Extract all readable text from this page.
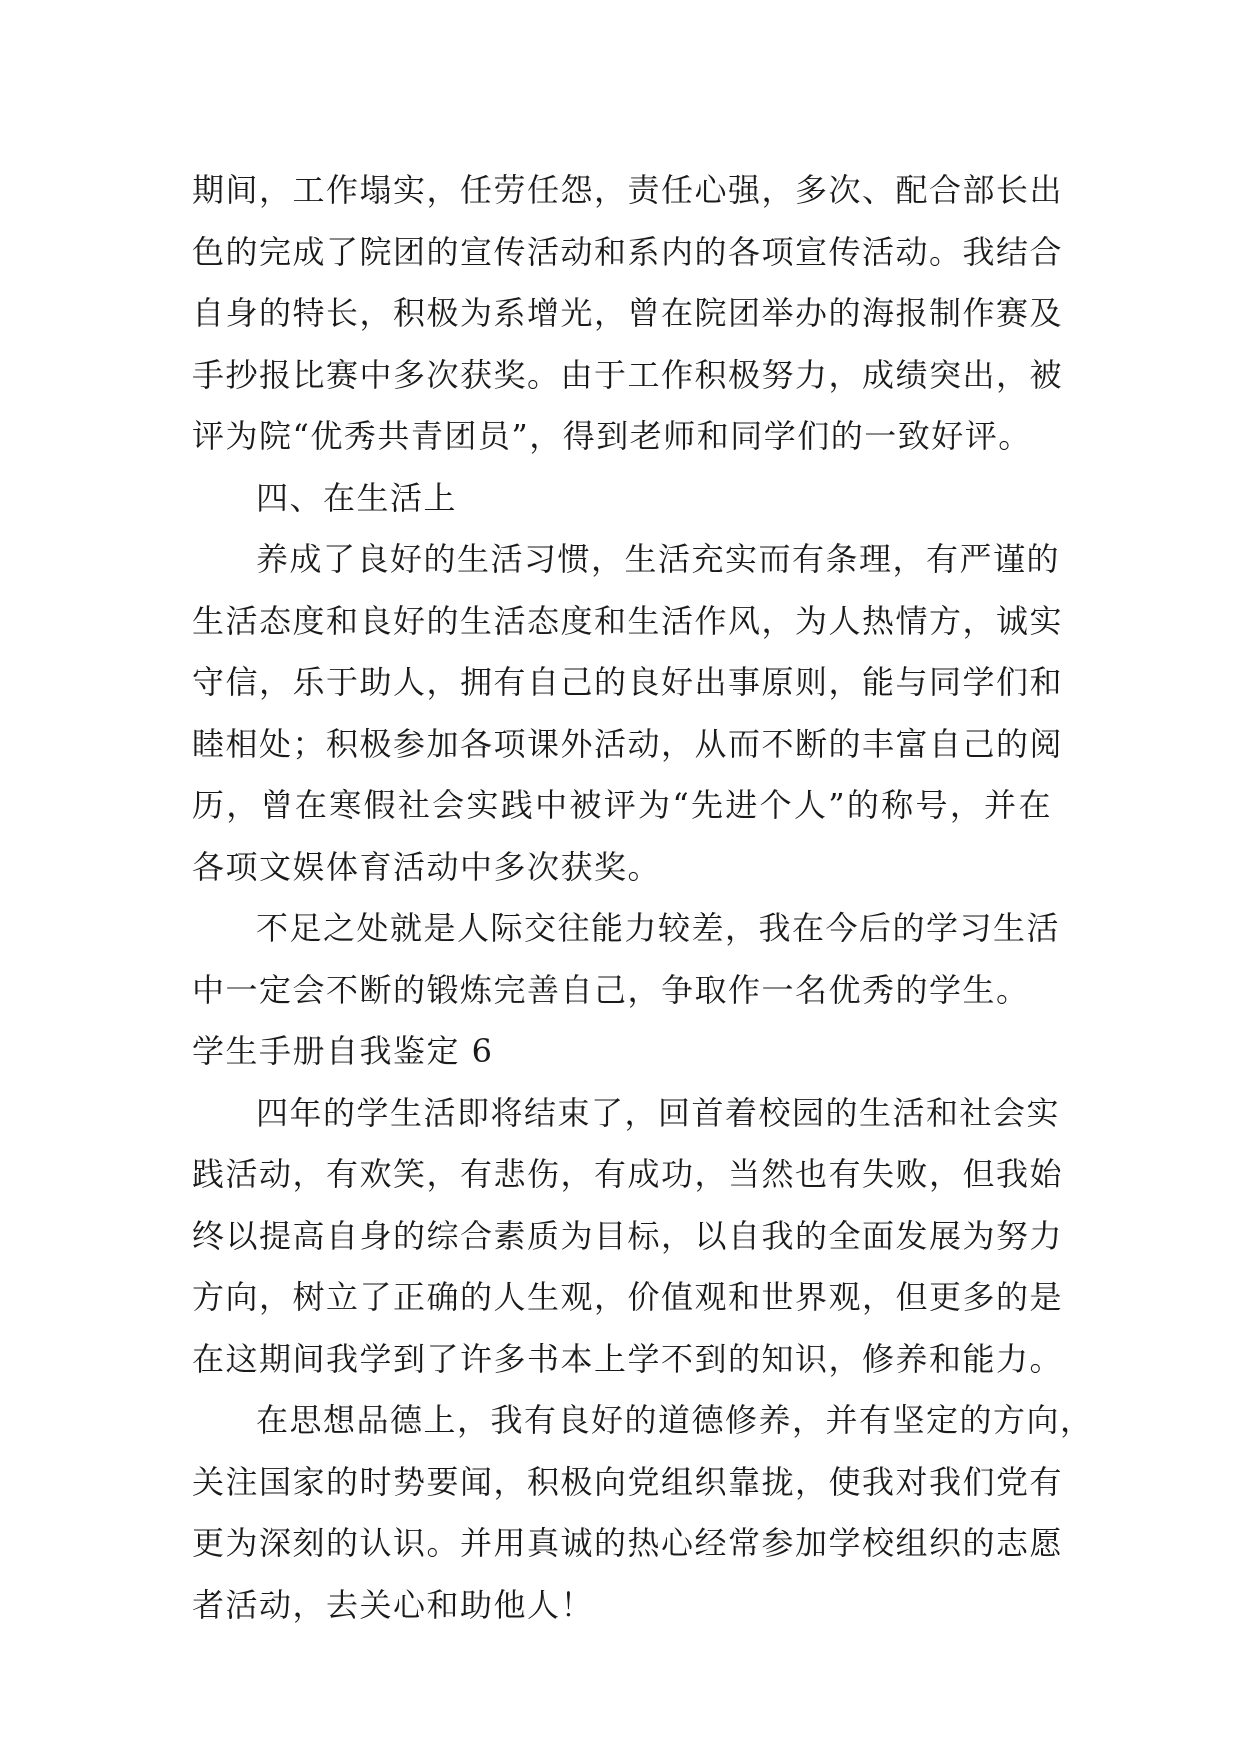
期间，工作塌实，任劳任怨，责任心强，多次、配合部长出
色的完成了院团的宣传活动和系内的各项宣传活动。我结合
自身的特长，积极为系增光，曾在院团举办的海报制作赛及
手抄报比赛中多次获奖。由于工作积极努力，成绩突出，被
评为院“优秀共青团员”，得到老师和同学们的一致好评。
四、在生活上
养成了良好的生活习惯，生活充实而有条理，有严谨的
生活态度和良好的生活态度和生活作风，为人热情方，诚实
守信，乐于助人，拥有自己的良好出事原则，能与同学们和
睦相处；积极参加各项课外活动，从而不断的丰富自己的阅
历，曾在寒假社会实践中被评为“先进个人”的称号，并在
各项文娱体育活动中多次获奖。
不足之处就是人际交往能力较差，我在今后的学习生活
中一定会不断的锻炼完善自己，争取作一名优秀的学生。
学生手册自我鉴定 6
四年的学生活即将结束了，回首着校园的生活和社会实
践活动，有欢笑，有悲伤，有成功，当然也有失败，但我始
终以提高自身的综合素质为目标，以自我的全面发展为努力
方向，树立了正确的人生观，价值观和世界观，但更多的是
在这期间我学到了许多书本上学不到的知识，修养和能力。
在思想品德上，我有良好的道德修养，并有坚定的方向，
关注国家的时势要闻，积极向党组织靠拢，使我对我们党有
更为深刻的认识。并用真诚的热心经常参加学校组织的志愿
者活动，去关心和助他人！
